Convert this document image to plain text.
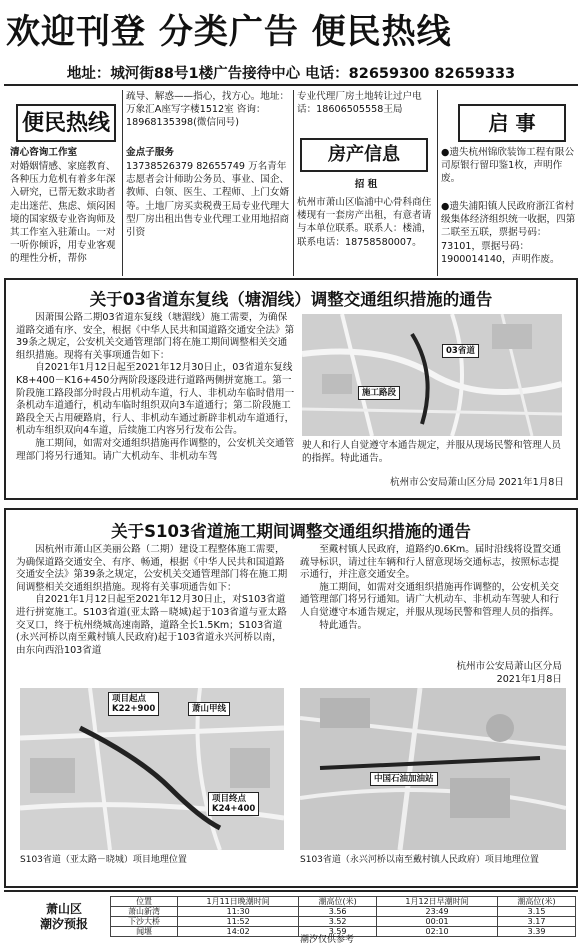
欢迎刊登 分类广告 便民热线
地址：城河街88号1楼广告接待中心 电话：82659300 82659333
便民热线
清心咨询工作室
对婚姻情感、家庭教育、各种压力危机有着多年深入研究，已帮无数求助者走出迷茫、焦虑、烦闷困境的国家级专业咨询师及其工作室入驻萧山。一对一听你倾诉，用专业客观的理性分析，帮你
疏导、解惑——指心，找方心。地址：万象汇A座写字楼1512室 咨询：18968135398(微信同号)
金点子服务
13738526379 82655749 万名青年志愿者会计师助公务员、事业、国企、教师、白领、医生、工程师、上门女婿等。土地厂房买卖税费王局专业代理大型厂房出租出售专业代理工业用地招商引资
专业代理厂房土地转让过户电话：18606505558王局
房产信息
招 租
杭州市萧山区临浦中心骨科商住楼现有一套房产出租，有意者请与本单位联系。联系人：楼浦，联系电话：18758580007。
启 事
●遗失杭州锦欣装饰工程有限公司原银行留印鉴1枚，声明作废。
●遗失浦阳镇人民政府浙江省村级集体经济组织统一收据，四第二联至五联，票据号码：73101，票据号码：1900014140，声明作废。
关于03省道东复线（塘湄线）调整交通组织措施的通告

因萧围公路二期03省道东复线（塘湄线）施工需要，为确保道路交通有序、安全，根据《中华人民共和国道路交通安全法》第39条之规定，公安机关交通管理部门将在施工期间调整相关交通组织措施。现将有关事项通告如下：

自2021年1月12日起至2021年12月30日止，03省道东复线K8+400－K16+450分两阶段逐段进行道路两侧拼宽施工。第一阶段施工路段部分时段占用机动车道，行人、非机动车临时借用一条机动车道通行，机动车临时组织双向3车道通行；第二阶段施工路段全天占用硬路肩，行人、非机动车通过新辟非机动车道通行，机动车组织双向4车道，后续施工内容另行发布公告。

施工期间，如需对交通组织措施再作调整的，公安机关交通管理部门将另行通知。请广大机动车、非机动车驾

施工路段
03省道
驶人和行人自觉遵守本通告规定，并服从现场民警和管理人员的指挥。特此通告。
杭州市公安局萧山区分局 2021年1月8日
关于S103省道施工期间调整交通组织措施的通告

因杭州市萧山区美丽公路（二期）建设工程整体施工需要，为确保道路交通安全、有序、畅通，根据《中华人民共和国道路交通安全法》第39条之规定，公安机关交通管理部门将在施工期间调整相关交通组织措施。现将有关事项通告如下：

自2021年1月12日起至2021年12月30日止，对S103省道进行拼宽施工。S103省道(亚太路－晓城)起于103省道与亚太路交叉口，终于杭州绕城高速南路，道路全长1.5Km；S103省道(永兴河桥以南至戴村镇人民政府)起于103省道永兴河桥以南，由东向西沿103省道

至戴村镇人民政府，道路约0.6Km。届时沿线将设置交通疏导标识，请过往车辆和行人留意现场交通标志，按照标志提示通行，并注意交通安全。

施工期间，如需对交通组织措施再作调整的，公安机关交通管理部门将另行通知。请广大机动车、非机动车驾驶人和行人自觉遵守本通告规定，并服从现场民警和管理人员的指挥。

特此通告。

杭州市公安局萧山区分局
2021年1月8日
项目起点
K22+900
项目终点
K24+400
萧山甲线
S103省道（亚太路－晓城）项目地理位置
中国石油加油站
S103省道（永兴河桥以南至戴村镇人民政府）项目地理位置
萧山区
潮汐预报
位置	1月11日晚潮时间	潮高位(米)	1月12日早潮时间	潮高位(米)
萧山新湾	11:30	3.56	23:49	3.15
下沙大桥	11:52	3.52	00:01	3.17
闻堰	14:02	3.59	02:10	3.39
潮汐仅供参考
